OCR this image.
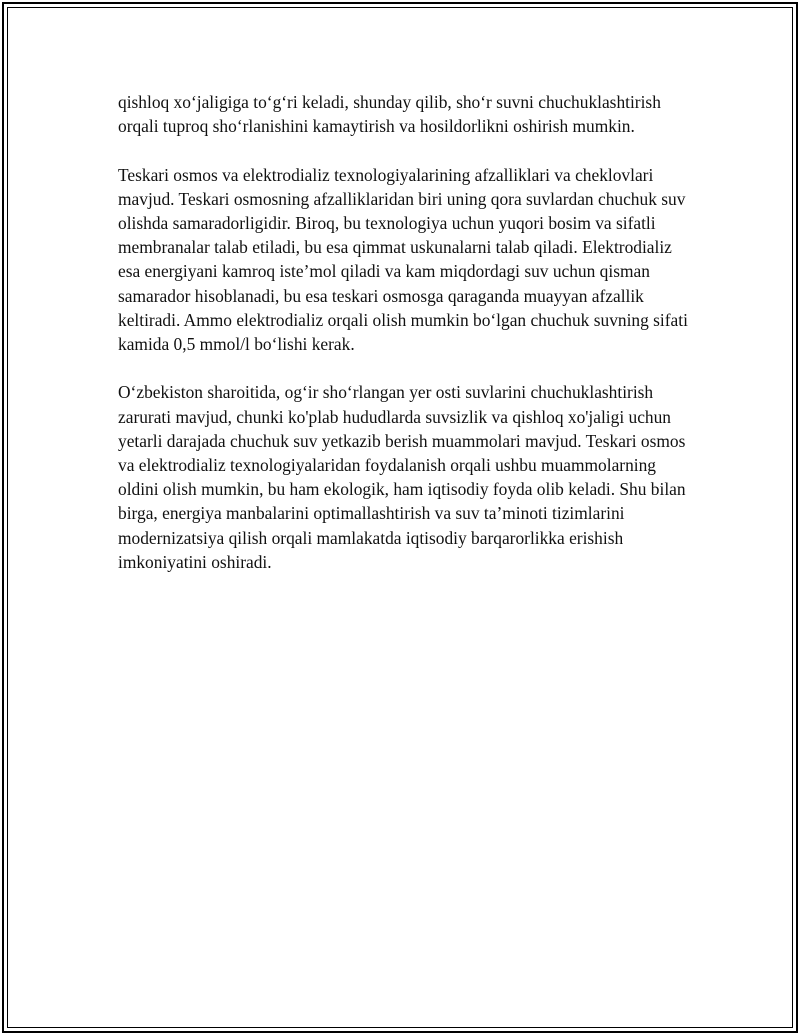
qishloq xo‘jaligiga to‘g‘ri keladi, shunday qilib, sho‘r suvni chuchuklashtirish orqali tuproq sho‘rlanishini kamaytirish va hosildorlikni oshirish mumkin.

Teskari osmos va elektrodializ texnologiyalarining afzalliklari va cheklovlari mavjud. Teskari osmosning afzalliklaridan biri uning qora suvlardan chuchuk suv olishda samaradorligidir. Biroq, bu texnologiya uchun yuqori bosim va sifatli membranalar talab etiladi, bu esa qimmat uskunalarni talab qiladi. Elektrodializ esa energiyani kamroq iste’mol qiladi va kam miqdordagi suv uchun qisman samarador hisoblanadi, bu esa teskari osmosga qaraganda muayyan afzallik keltiradi. Ammo elektrodializ orqali olish mumkin bo‘lgan chuchuk suvning sifati kamida 0,5 mmol/l bo‘lishi kerak.

O‘zbekiston sharoitida, og‘ir sho‘rlangan yer osti suvlarini chuchuklashtirish zarurati mavjud, chunki ko'plab hududlarda suvsizlik va qishloq xo'jaligi uchun yetarli darajada chuchuk suv yetkazib berish muammolari mavjud. Teskari osmos va elektrodializ texnologiyalaridan foydalanish orqali ushbu muammolarning oldini olish mumkin, bu ham ekologik, ham iqtisodiy foyda olib keladi. Shu bilan birga, energiya manbalarini optimallashtirish va suv ta’minoti tizimlarini modernizatsiya qilish orqali mamlakatda iqtisodiy barqarorlikka erishish imkoniyatini oshiradi.
